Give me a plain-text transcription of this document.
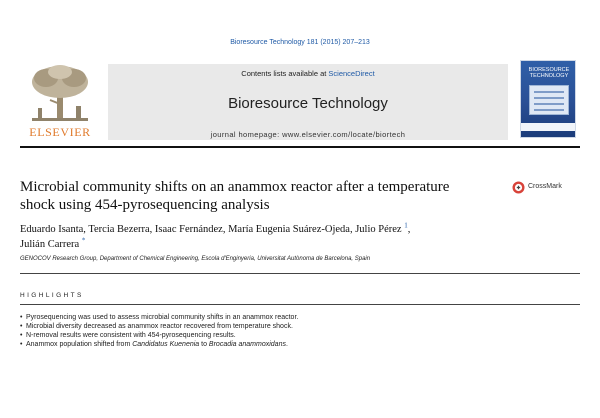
Bioresource Technology 181 (2015) 207–213
ELSEVIER
Contents lists available at ScienceDirect
Bioresource Technology
journal homepage: www.elsevier.com/locate/biortech
BIORESOURCE TECHNOLOGY
Microbial community shifts on an anammox reactor after a temperature
shock using 454-pyrosequencing analysis
CrossMark
Eduardo Isanta, Tercia Bezerra, Isaac Fernández, María Eugenia Suárez-Ojeda, Julio Pérez $^1$,
Julián Carrera *
GENOCOV Research Group, Department of Chemical Engineering, Escola d'Enginyeria, Universitat Autònoma de Barcelona, Spain
HIGHLIGHTS
• Pyrosequencing was used to assess microbial community shifts in an anammox reactor.
• Microbial diversity decreased as anammox reactor recovered from temperature shock.
• N-removal results were consistent with 454-pyrosequencing results.
• Anammox population shifted from Candidatus Kuenenia to Brocadia anammoxidans.
